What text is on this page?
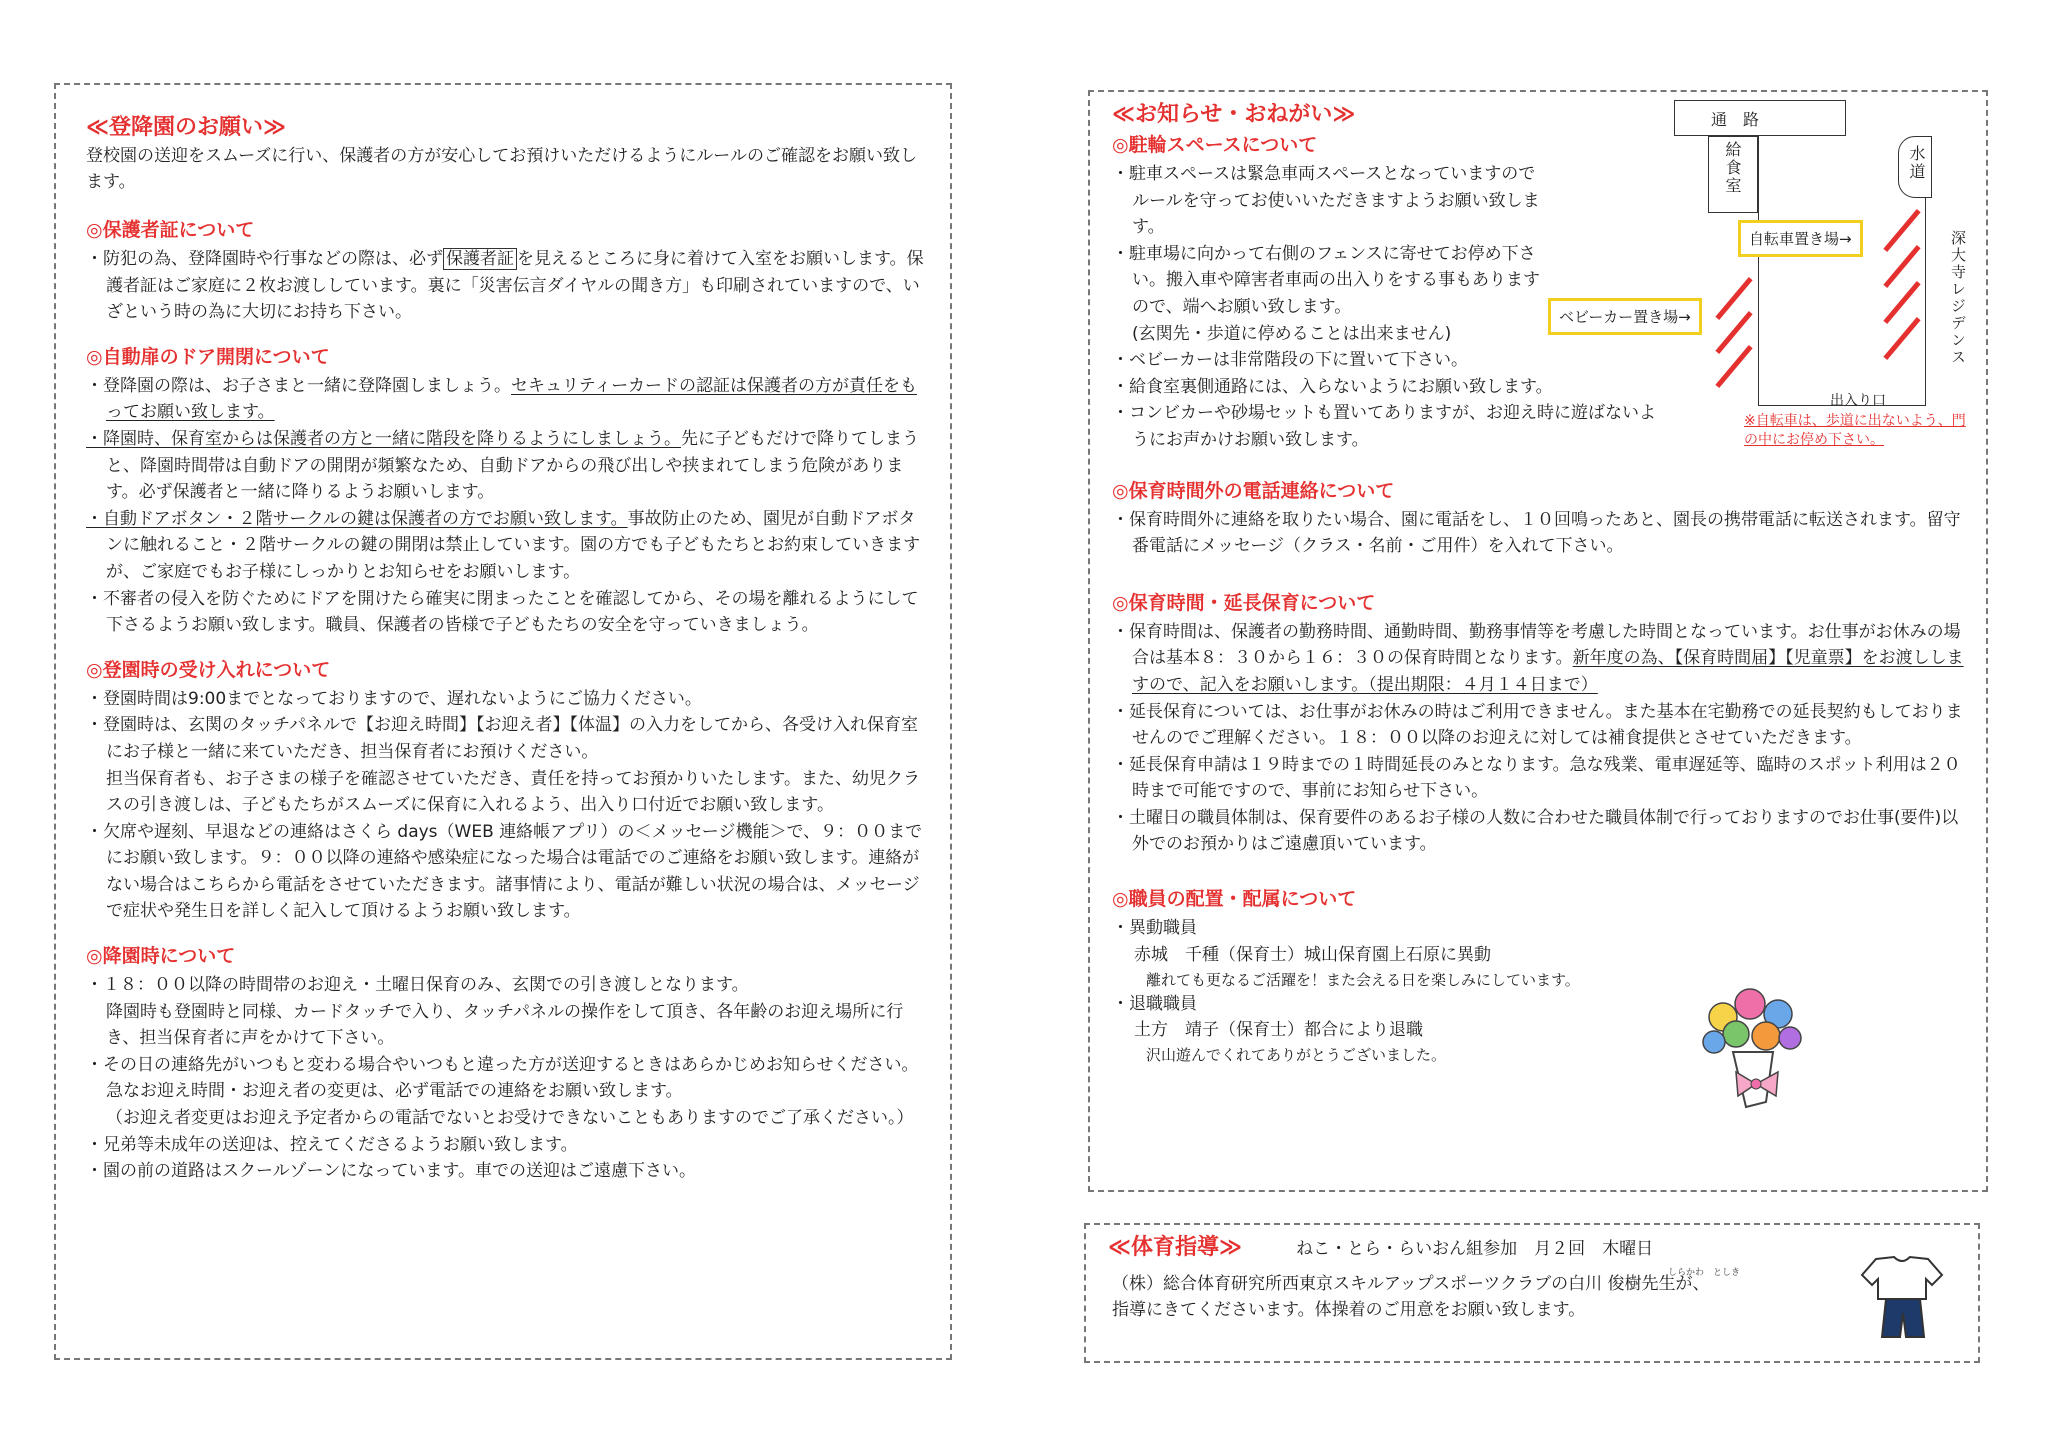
≪登降園のお願い≫

登校園の送迎をスムーズに行い、保護者の方が安心してお預けいただけるようにルールのご確認をお願い致します。

◎保護者証について

・防犯の為、登降園時や行事などの際は、必ず 保護者証 を見えるところに身に着けて入室をお願いします。保護者証はご家庭に２枚お渡ししています。裏に「災害伝言ダイヤルの聞き方」も印刷されていますので、いざという時の為に大切にお持ち下さい。

◎自動扉のドア開閉について

・登降園の際は、お子さまと一緒に登降園しましょう。セキュリティーカードの認証は保護者の方が責任をもってお願い致します。

・降園時、保育室からは保護者の方と一緒に階段を降りるようにしましょう。先に子どもだけで降りてしまうと、降園時間帯は自動ドアの開閉が頻繁なため、自動ドアからの飛び出しや挟まれてしまう危険があります。必ず保護者と一緒に降りるようお願いします。

・自動ドアボタン・２階サークルの鍵は保護者の方でお願い致します。事故防止のため、園児が自動ドアボタンに触れること・２階サークルの鍵の開閉は禁止しています。園の方でも子どもたちとお約束していきますが、ご家庭でもお子様にしっかりとお知らせをお願いします。

・不審者の侵入を防ぐためにドアを開けたら確実に閉まったことを確認してから、その場を離れるようにして下さるようお願い致します。職員、保護者の皆様で子どもたちの安全を守っていきましょう。

◎登園時の受け入れについて

・登園時間は9:00までとなっておりますので、遅れないようにご協力ください。

・登園時は、玄関のタッチパネルで【お迎え時間】【お迎え者】【体温】の入力をしてから、各受け入れ保育室にお子様と一緒に来ていただき、担当保育者にお預けください。

担当保育者も、お子さまの様子を確認させていただき、責任を持ってお預かりいたします。また、幼児クラスの引き渡しは、子どもたちがスムーズに保育に入れるよう、出入り口付近でお願い致します。

・欠席や遅刻、早退などの連絡はさくら days（WEB 連絡帳アプリ）の＜メッセージ機能＞で、９：００までにお願い致します。９：００以降の連絡や感染症になった場合は電話でのご連絡をお願い致します。連絡がない場合はこちらから電話をさせていただきます。諸事情により、電話が難しい状況の場合は、メッセージで症状や発生日を詳しく記入して頂けるようお願い致します。

◎降園時について

・１８：００以降の時間帯のお迎え・土曜日保育のみ、玄関での引き渡しとなります。

降園時も登園時と同様、カードタッチで入り、タッチパネルの操作をして頂き、各年齢のお迎え場所に行き、担当保育者に声をかけて下さい。

・その日の連絡先がいつもと変わる場合やいつもと違った方が送迎するときはあらかじめお知らせください。急なお迎え時間・お迎え者の変更は、必ず電話での連絡をお願い致します。

（お迎え者変更はお迎え予定者からの電話でないとお受けできないこともありますのでご了承ください。）

・兄弟等未成年の送迎は、控えてくださるようお願い致します。

・園の前の道路はスクールゾーンになっています。車での送迎はご遠慮下さい。

≪お知らせ・おねがい≫
◎駐輪スペースについて

・駐車スペースは緊急車両スペースとなっていますのでルールを守ってお使いいただきますようお願い致します。

・駐車場に向かって右側のフェンスに寄せてお停め下さい。搬入車や障害者車両の出入りをする事もありますので、端へお願い致します。

(玄関先・歩道に停めることは出来ません)

・ベビーカーは非常階段の下に置いて下さい。

・給食室裏側通路には、入らないようにお願い致します。

・コンビカーや砂場セットも置いてありますが、お迎え時に遊ばないようにお声かけお願い致します。

◎保育時間外の電話連絡について

・保育時間外に連絡を取りたい場合、園に電話をし、１０回鳴ったあと、園長の携帯電話に転送されます。留守番電話にメッセージ（クラス・名前・ご用件）を入れて下さい。

◎保育時間・延長保育について

・保育時間は、保護者の勤務時間、通勤時間、勤務事情等を考慮した時間となっています。お仕事がお休みの場合は基本８：３０から１６：３０の保育時間となります。新年度の為、【保育時間届】【児童票】をお渡ししますので、記入をお願いします。（提出期限：４月１４日まで）

・延長保育については、お仕事がお休みの時はご利用できません。また基本在宅勤務での延長契約もしておりませんのでご理解ください。１８：００以降のお迎えに対しては補食提供とさせていただきます。

・延長保育申請は１９時までの１時間延長のみとなります。急な残業、電車遅延等、臨時のスポット利用は２０時まで可能ですので、事前にお知らせ下さい。

・土曜日の職員体制は、保育要件のあるお子様の人数に合わせた職員体制で行っておりますのでお仕事(要件)以外でのお預かりはご遠慮頂いています。

◎職員の配置・配属について

・異動職員

赤城　千種（保育士）城山保育園上石原に異動

離れても更なるご活躍を！また会える日を楽しみにしています。

・退職職員

土方　靖子（保育士）都合により退職

沢山遊んでくれてありがとうございました。

通　路
給食室	水道
自転車置き場→
ベビーカー置き場→	深大寺レジデンス
出入り口
※自転車は、歩道に出ないよう、門の中にお停め下さい。
≪体育指導≫	ねこ・とら・らいおん組参加　月２回　木曜日
しらかわ　としき

（株）総合体育研究所西東京スキルアップスポーツクラブの白川 俊樹先生が、

指導にきてくださいます。体操着のご用意をお願い致します。
